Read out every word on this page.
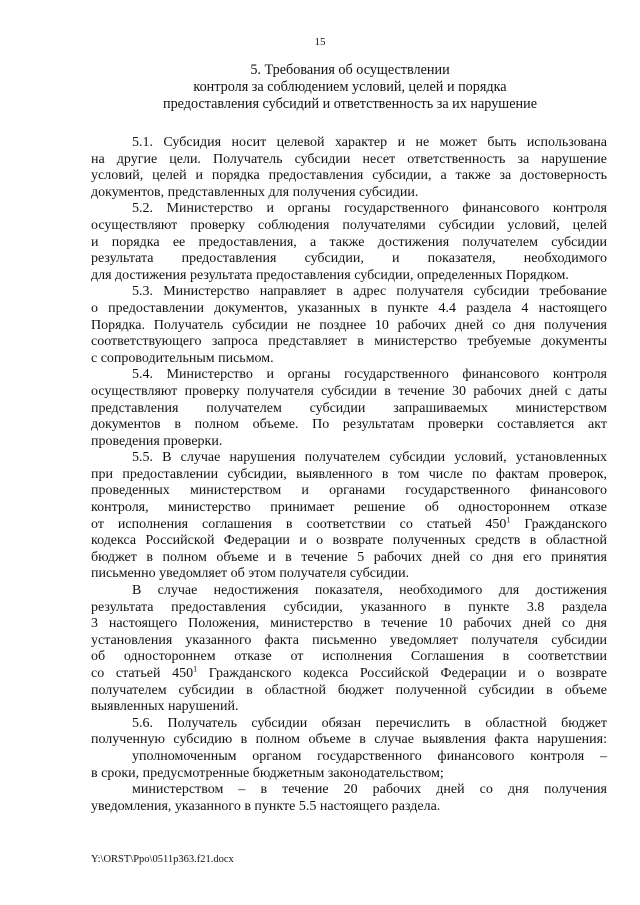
15
5. Требования об осуществлении
контроля за соблюдением условий, целей и порядка
предоставления субсидий и ответственность за их нарушение
5.1. Субсидия носит целевой характер и не может быть использована
на другие цели. Получатель субсидии несет ответственность за нарушение
условий, целей и порядка предоставления субсидии, а также за достоверность
документов, представленных для получения субсидии.
5.2. Министерство и органы государственного финансового контроля
осуществляют проверку соблюдения получателями субсидии условий, целей
и порядка ее предоставления, а также достижения получателем субсидии
результата предоставления субсидии, и показателя, необходимого
для достижения результата предоставления субсидии, определенных Порядком.
5.3. Министерство направляет в адрес получателя субсидии требование
о предоставлении документов, указанных в пункте 4.4 раздела 4 настоящего
Порядка. Получатель субсидии не позднее 10 рабочих дней со дня получения
соответствующего запроса представляет в министерство требуемые документы
с сопроводительным письмом.
5.4. Министерство и органы государственного финансового контроля
осуществляют проверку получателя субсидии в течение 30 рабочих дней с даты
представления получателем субсидии запрашиваемых министерством
документов в полном объеме. По результатам проверки составляется акт
проведения проверки.
5.5. В случае нарушения получателем субсидии условий, установленных
при предоставлении субсидии, выявленного в том числе по фактам проверок,
проведенных министерством и органами государственного финансового
контроля, министерство принимает решение об одностороннем отказе
от исполнения соглашения в соответствии со статьей $450^1$ Гражданского
кодекса Российской Федерации и о возврате полученных средств в областной
бюджет в полном объеме и в течение 5 рабочих дней со дня его принятия
письменно уведомляет об этом получателя субсидии.
В случае недостижения показателя, необходимого для достижения
результата предоставления субсидии, указанного в пункте 3.8 раздела
3 настоящего Положения, министерство в течение 10 рабочих дней со дня
установления указанного факта письменно уведомляет получателя субсидии
об одностороннем отказе от исполнения Соглашения в соответствии
со статьей $450^1$ Гражданского кодекса Российской Федерации и о возврате
получателем субсидии в областной бюджет полученной субсидии в объеме
выявленных нарушений.
5.6. Получатель субсидии обязан перечислить в областной бюджет
полученную субсидию в полном объеме в случае выявления факта нарушения:
уполномоченным органом государственного финансового контроля –
в сроки, предусмотренные бюджетным законодательством;
министерством – в течение 20 рабочих дней со дня получения
уведомления, указанного в пункте 5.5 настоящего раздела.
Y:\ORST\Ppo\0511p363.f21.docx
